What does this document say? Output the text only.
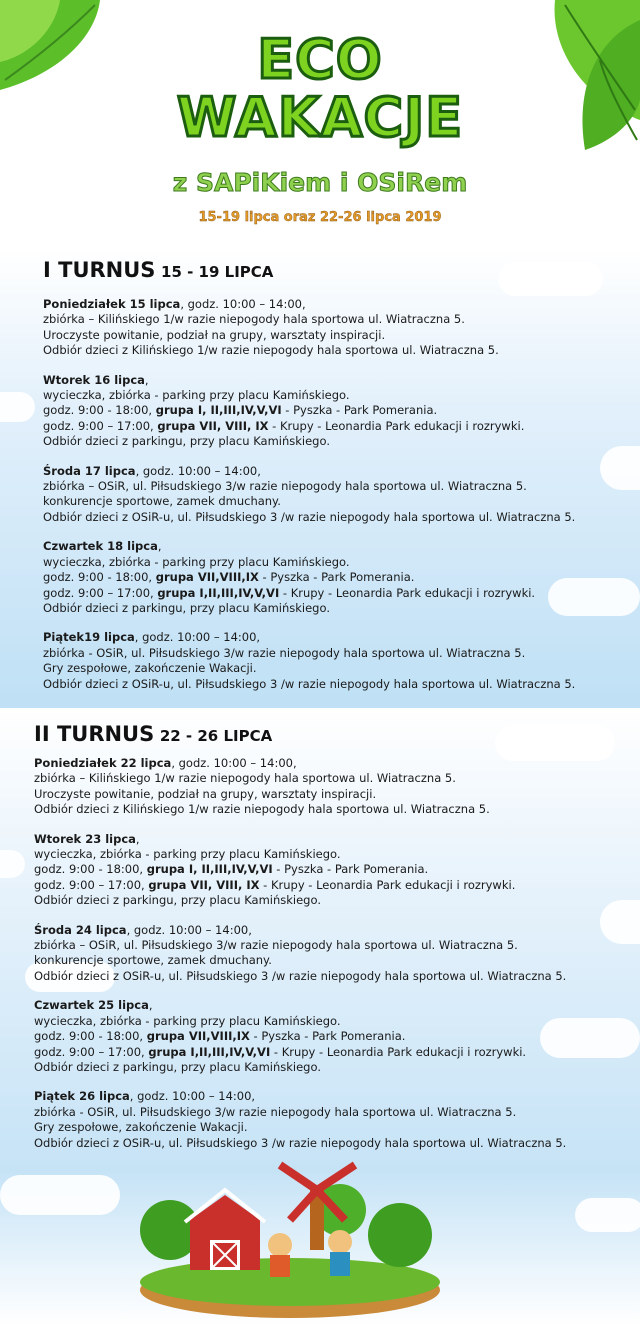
ECO
WAKACJE
z SAPiKiem i OSiRem
15-19 lipca oraz 22-26 lipca 2019
I TURNUS 15 - 19 LIPCA
Poniedziałek 15 lipca, godz. 10:00 – 14:00,
zbiórka – Kilińskiego 1/w razie niepogody hala sportowa ul. Wiatraczna 5.
Uroczyste powitanie, podział na grupy, warsztaty inspiracji.
Odbiór dzieci z Kilińskiego 1/w razie niepogody hala sportowa ul. Wiatraczna 5.
Wtorek 16 lipca,
wycieczka, zbiórka - parking przy placu Kamińskiego.
godz. 9:00 - 18:00, grupa I, II,III,IV,V,VI - Pyszka - Park Pomerania.
godz. 9:00 – 17:00, grupa VII, VIII, IX - Krupy - Leonardia Park edukacji i rozrywki.
Odbiór dzieci z parkingu, przy placu Kamińskiego.
Środa 17 lipca, godz. 10:00 – 14:00,
zbiórka – OSiR, ul. Piłsudskiego 3/w razie niepogody hala sportowa ul. Wiatraczna 5.
konkurencje sportowe, zamek dmuchany.
Odbiór dzieci z OSiR-u, ul. Piłsudskiego 3 /w razie niepogody hala sportowa ul. Wiatraczna 5.
Czwartek 18 lipca,
wycieczka, zbiórka - parking przy placu Kamińskiego.
godz. 9:00 - 18:00, grupa VII,VIII,IX - Pyszka - Park Pomerania.
godz. 9:00 – 17:00, grupa I,II,III,IV,V,VI - Krupy - Leonardia Park edukacji i rozrywki.
Odbiór dzieci z parkingu, przy placu Kamińskiego.
Piątek19 lipca, godz. 10:00 – 14:00,
zbiórka - OSiR, ul. Piłsudskiego 3/w razie niepogody hala sportowa ul. Wiatraczna 5.
Gry zespołowe, zakończenie Wakacji.
Odbiór dzieci z OSiR-u, ul. Piłsudskiego 3 /w razie niepogody hala sportowa ul. Wiatraczna 5.
II TURNUS 22 - 26 LIPCA
Poniedziałek 22 lipca, godz. 10:00 – 14:00,
zbiórka – Kilińskiego 1/w razie niepogody hala sportowa ul. Wiatraczna 5.
Uroczyste powitanie, podział na grupy, warsztaty inspiracji.
Odbiór dzieci z Kilińskiego 1/w razie niepogody hala sportowa ul. Wiatraczna 5.
Wtorek 23 lipca,
wycieczka, zbiórka - parking przy placu Kamińskiego.
godz. 9:00 - 18:00, grupa I, II,III,IV,V,VI - Pyszka - Park Pomerania.
godz. 9:00 – 17:00, grupa VII, VIII, IX - Krupy - Leonardia Park edukacji i rozrywki.
Odbiór dzieci z parkingu, przy placu Kamińskiego.
Środa 24 lipca, godz. 10:00 – 14:00,
zbiórka – OSiR, ul. Piłsudskiego 3/w razie niepogody hala sportowa ul. Wiatraczna 5.
konkurencje sportowe, zamek dmuchany.
Odbiór dzieci z OSiR-u, ul. Piłsudskiego 3 /w razie niepogody hala sportowa ul. Wiatraczna 5.
Czwartek 25 lipca,
wycieczka, zbiórka - parking przy placu Kamińskiego.
godz. 9:00 - 18:00, grupa VII,VIII,IX - Pyszka - Park Pomerania.
godz. 9:00 – 17:00, grupa I,II,III,IV,V,VI - Krupy - Leonardia Park edukacji i rozrywki.
Odbiór dzieci z parkingu, przy placu Kamińskiego.
Piątek 26 lipca, godz. 10:00 – 14:00,
zbiórka - OSiR, ul. Piłsudskiego 3/w razie niepogody hala sportowa ul. Wiatraczna 5.
Gry zespołowe, zakończenie Wakacji.
Odbiór dzieci z OSiR-u, ul. Piłsudskiego 3 /w razie niepogody hala sportowa ul. Wiatraczna 5.
